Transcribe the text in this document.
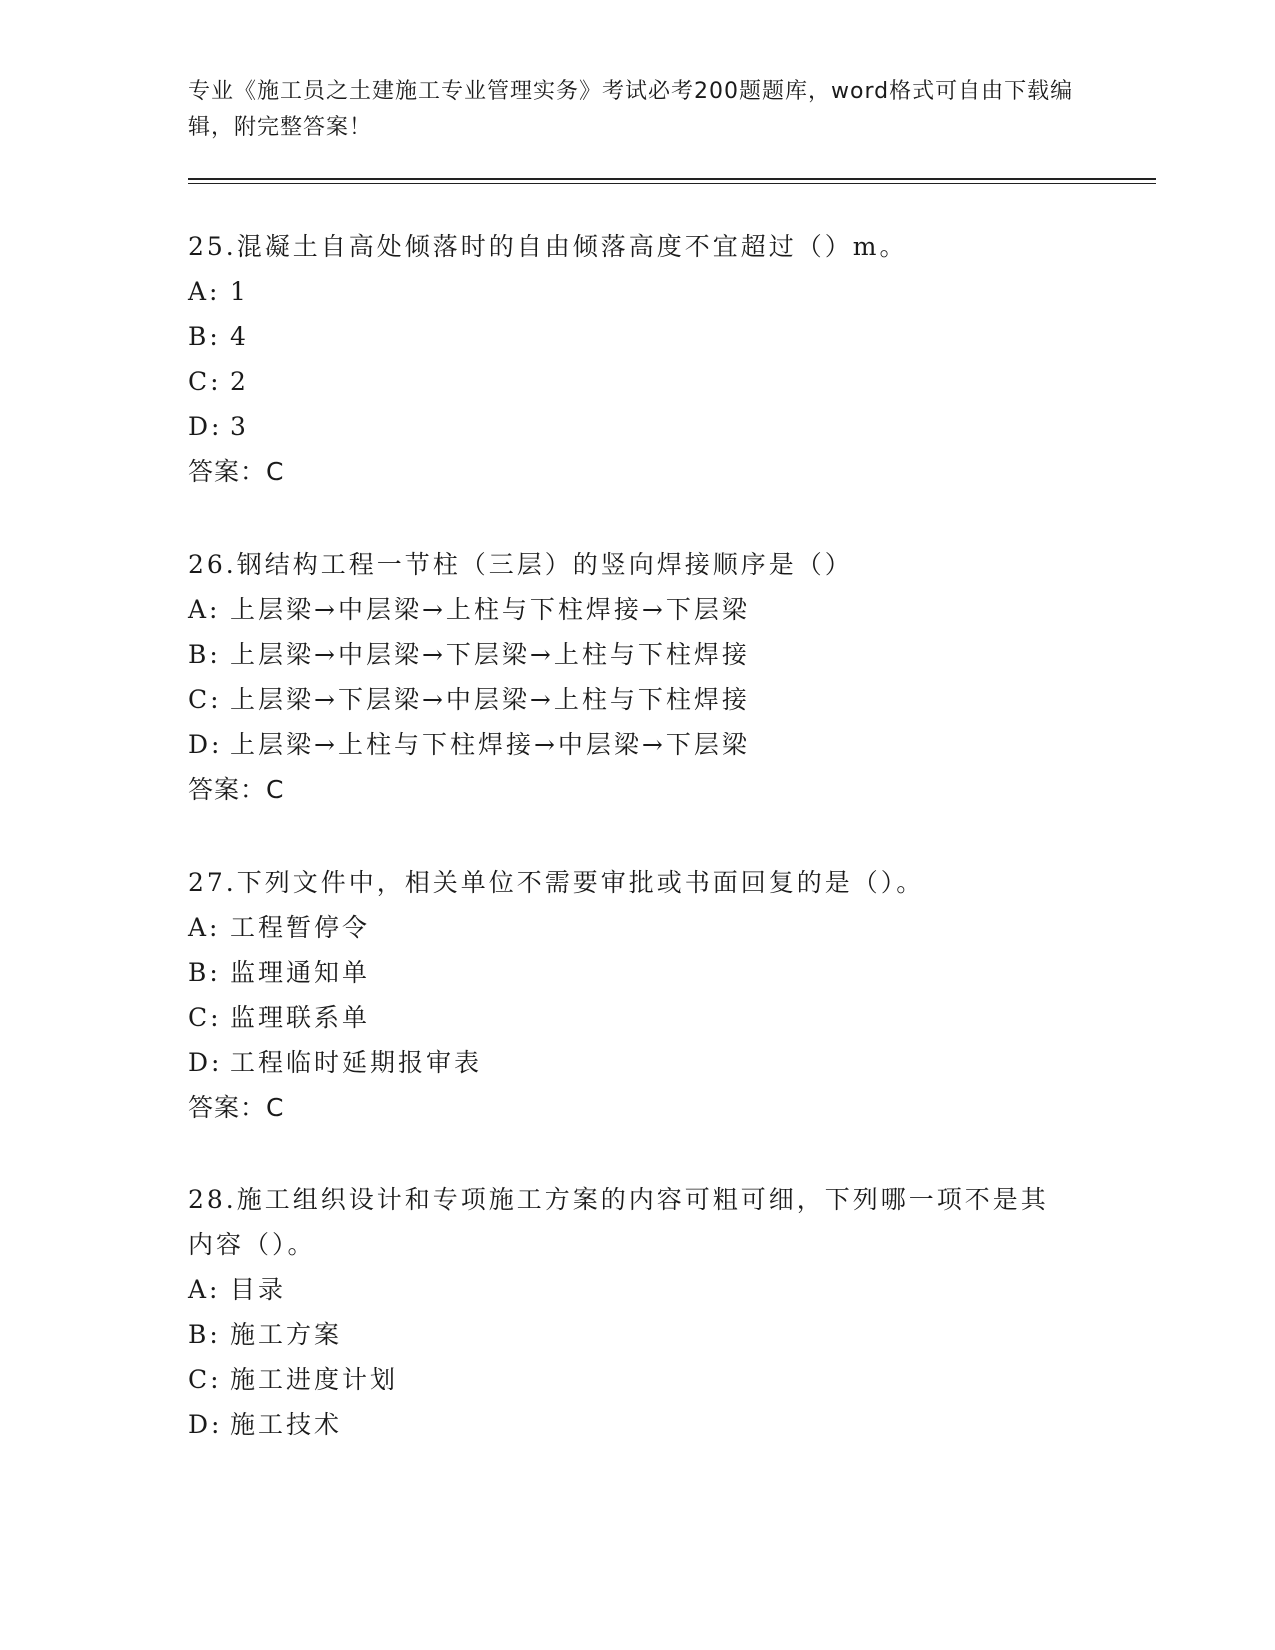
专业《施工员之土建施工专业管理实务》考试必考200题题库，word格式可自由下载编辑，附完整答案！
25.混凝土自高处倾落时的自由倾落高度不宜超过（）m。
A: 1
B: 4
C: 2
D: 3
答案：C
26.钢结构工程一节柱（三层）的竖向焊接顺序是（）
A: 上层梁→中层梁→上柱与下柱焊接→下层梁
B: 上层梁→中层梁→下层梁→上柱与下柱焊接
C: 上层梁→下层梁→中层梁→上柱与下柱焊接
D: 上层梁→上柱与下柱焊接→中层梁→下层梁
答案：C
27.下列文件中，相关单位不需要审批或书面回复的是（）。
A: 工程暂停令
B: 监理通知单
C: 监理联系单
D: 工程临时延期报审表
答案：C
28.施工组织设计和专项施工方案的内容可粗可细，下列哪一项不是其内容（）。
A: 目录
B: 施工方案
C: 施工进度计划
D: 施工技术
